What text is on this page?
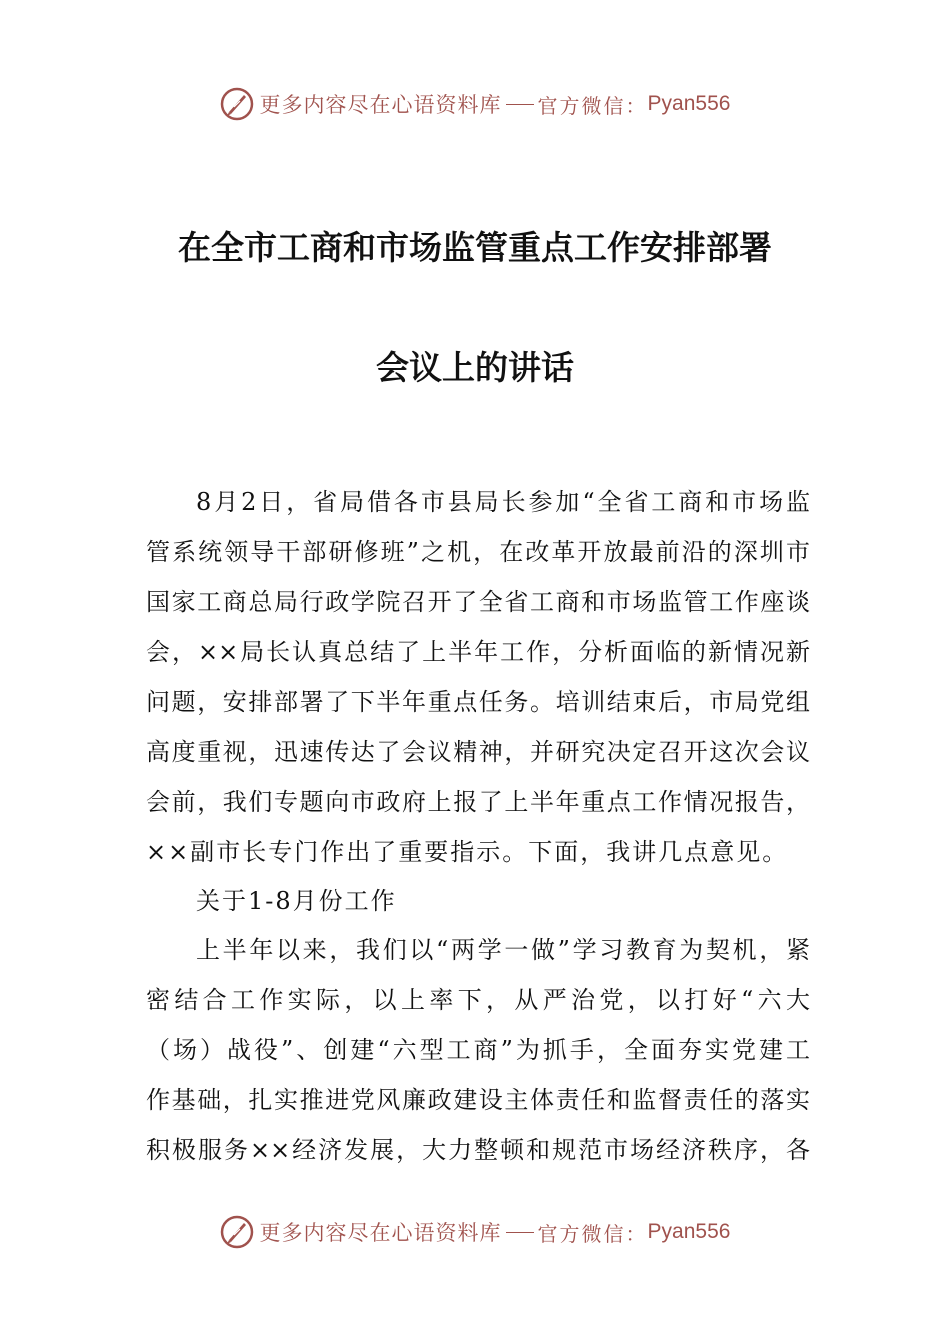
更多内容尽在心语资料库 官方微信： Pyan556
在全市工商和市场监管重点工作安排部署
会议上的讲话
8月2日，省局借各市县局长参加“全省工商和市场监
管系统领导干部研修班”之机，在改革开放最前沿的深圳市
国家工商总局行政学院召开了全省工商和市场监管工作座谈
会，××局长认真总结了上半年工作，分析面临的新情况新
问题，安排部署了下半年重点任务。培训结束后，市局党组
高度重视，迅速传达了会议精神，并研究决定召开这次会议
会前，我们专题向市政府上报了上半年重点工作情况报告，
××副市长专门作出了重要指示。下面，我讲几点意见。
关于1-8月份工作
上半年以来，我们以“两学一做”学习教育为契机，紧
密结合工作实际，以上率下，从严治党，以打好“六大
（场）战役”、创建“六型工商”为抓手，全面夯实党建工
作基础，扎实推进党风廉政建设主体责任和监督责任的落实
积极服务××经济发展，大力整顿和规范市场经济秩序，各
更多内容尽在心语资料库 官方微信： Pyan556
